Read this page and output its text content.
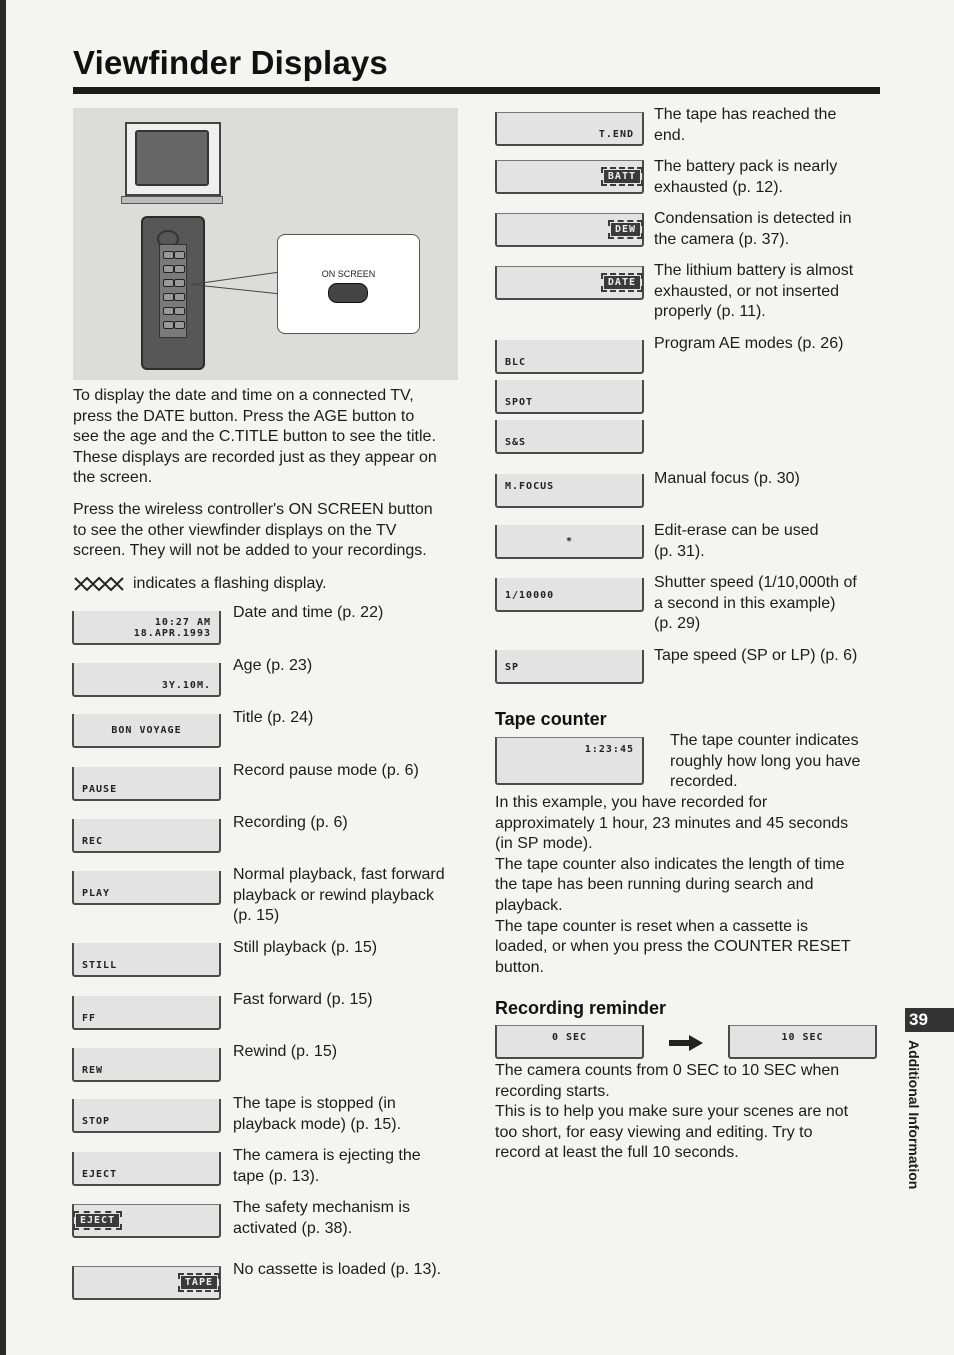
Viewfinder Displays
ON SCREEN

To display the date and time on a connected TV,
press the DATE button. Press the AGE button to
see the age and the C.TITLE button to see the title.
These displays are recorded just as they appear on
the screen.

Press the wireless controller's ON SCREEN button
to see the other viewfinder displays on the TV
screen. They will not be added to your recordings.

indicates a flashing display.
10:27 AM
18.APR.1993

Date and time (p. 22)

3Y.10M.

Age (p. 23)

BON VOYAGE

Title (p. 24)

PAUSE

Record pause mode (p. 6)

REC

Recording (p. 6)

PLAY

Normal playback, fast forward
playback or rewind playback
(p. 15)

STILL

Still playback (p. 15)

FF

Fast forward (p. 15)

REW

Rewind (p. 15)

STOP

The tape is stopped (in
playback mode) (p. 15).

EJECT

The camera is ejecting the
tape (p. 13).

EJECT

The safety mechanism is
activated (p. 38).

TAPE

No cassette is loaded (p. 13).

T.END

The tape has reached the
end.

BATT

The battery pack is nearly
exhausted (p. 12).

DEW

Condensation is detected in
the camera (p. 37).

DATE

The lithium battery is almost
exhausted, or not inserted
properly (p. 11).

BLC

Program AE modes (p. 26)

SPOT
S&S
M.FOCUS	Manual focus (p. 30)

*

Edit-erase can be used
(p. 31).

1/10000

Shutter speed (1/10,000th of
a second in this example)
(p. 29)

SP

Tape speed (SP or LP) (p. 6)

Tape counter
1:23:45

The tape counter indicates
roughly how long you have
recorded.

In this example, you have recorded for
approximately 1 hour, 23 minutes and 45 seconds
(in SP mode).
The tape counter also indicates the length of time
the tape has been running during search and
playback.
The tape counter is reset when a cassette is
loaded, or when you press the COUNTER RESET
button.

Recording reminder
0 SEC	10 SEC

The camera counts from 0 SEC to 10 SEC when
recording starts.
This is to help you make sure your scenes are not
too short, for easy viewing and editing. Try to
record at least the full 10 seconds.

39
Additional Information
